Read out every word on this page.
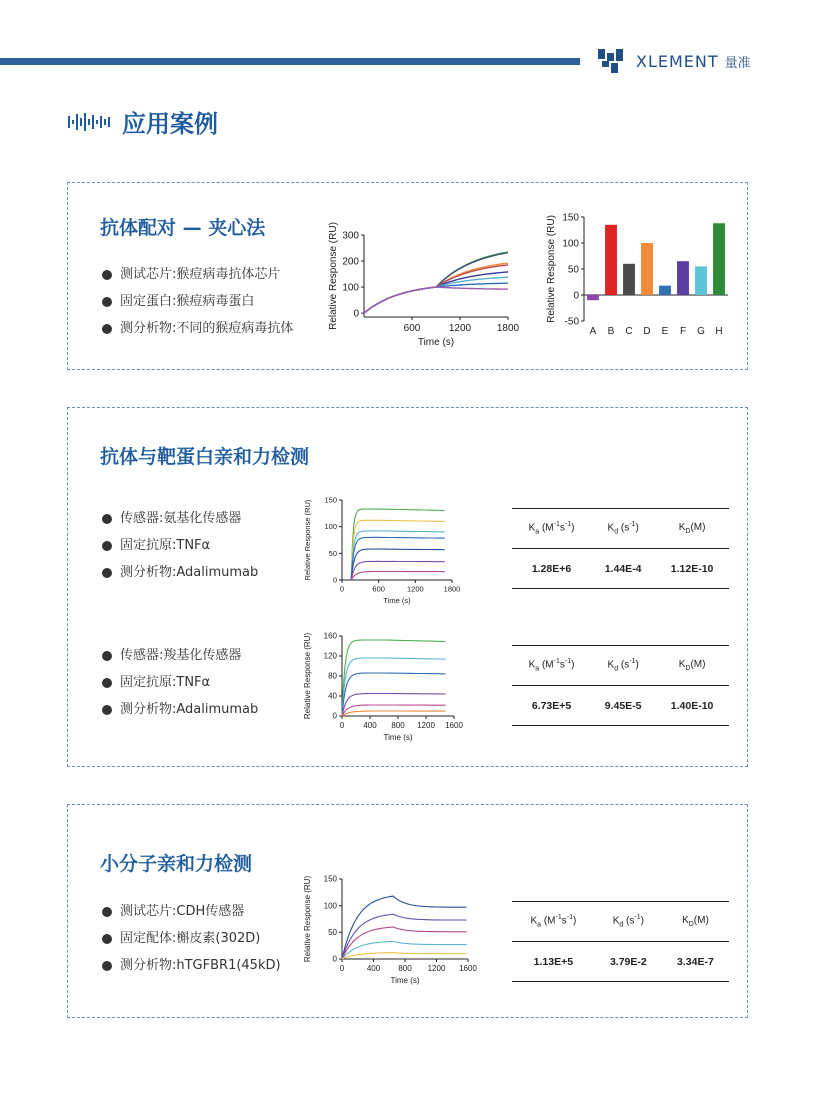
XLEMENT 量准
应用案例
抗体配对 — 夹心法
测试芯片:猴痘病毒抗体芯片
固定蛋白:猴痘病毒蛋白
测分析物:不同的猴痘病毒抗体
0
100
200
300
600	1200	1800
Relative Response (RU)
Time (s)
-50
0
50
100
150
A B C D E F G H
Relative Response (RU)
抗体与靶蛋白亲和力检测
传感器:氨基化传感器
固定抗原:TNFα
测分析物:Adalimumab
传感器:羧基化传感器
固定抗原:TNFα
测分析物:Adalimumab
0
50
100
150
0	600	1200	1800
Relative Response (RU)
Time (s)
0
40
80
120
160
0 400 800 1200 1600
Relative Response (RU)
Time (s)
$K_a$ $(M^{-1}s^{-1})$	$K_d$ $(s^{-1})$	$K_D(M)$
1.28E+6	1.44E-4	1.12E-10
$K_a$ $(M^{-1}s^{-1})$	$K_d$ $(s^{-1})$	$K_D(M)$
6.73E+5	9.45E-5	1.40E-10
小分子亲和力检测
测试芯片:CDH传感器
固定配体:槲皮素(302D)
测分析物:hTGFBR1(45kD)	0
50
100
150
0	400 800 1200 1600
Relative Response (RU)
Time (s)
$K_a$ $(M^{-1}s^{-1})$	$K_d$ $(s^{-1})$	$K_D(M)$
1.13E+5	3.79E-2	3.34E-7
